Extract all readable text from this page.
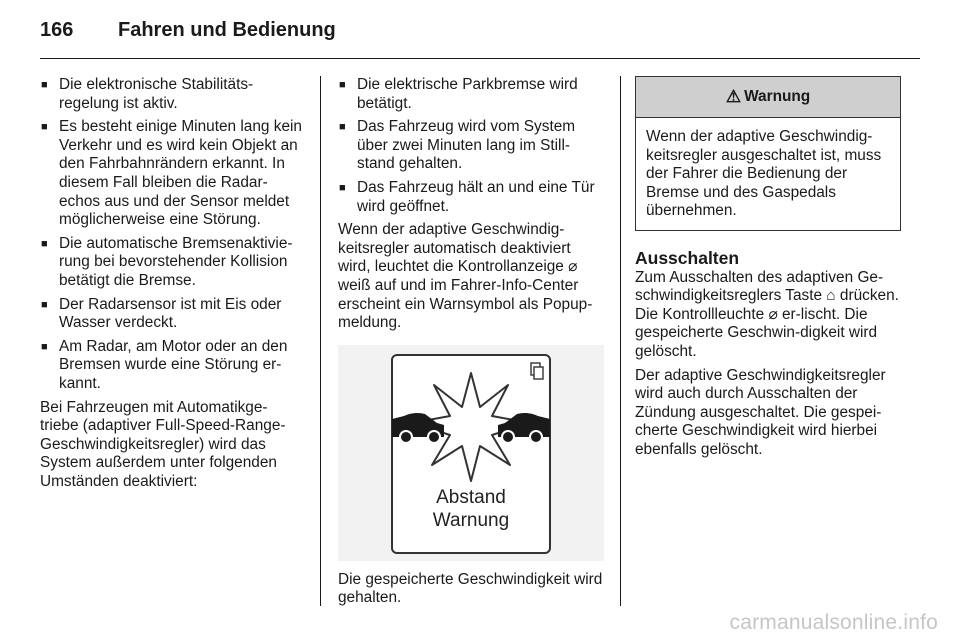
166 Fahren und Bedienung
■ Die elektronische Stabilitäts-regelung ist aktiv.
■ Es besteht einige Minuten lang kein Verkehr und es wird kein Objekt an den Fahrbahnrändern erkannt. In diesem Fall bleiben die Radar-echos aus und der Sensor meldet möglicherweise eine Störung.
■ Die automatische Bremsenaktivie-rung bei bevorstehender Kollision betätigt die Bremse.
■ Der Radarsensor ist mit Eis oder Wasser verdeckt.
■ Am Radar, am Motor oder an den Bremsen wurde eine Störung er-kannt.

Bei Fahrzeugen mit Automatikge-triebe (adaptiver Full-Speed-Range-Geschwindigkeitsregler) wird das System außerdem unter folgenden Umständen deaktiviert:

■ Die elektrische Parkbremse wird betätigt.
■ Das Fahrzeug wird vom System über zwei Minuten lang im Still-stand gehalten.
■ Das Fahrzeug hält an und eine Tür wird geöffnet.

Wenn der adaptive Geschwindig-keitsregler automatisch deaktiviert wird, leuchtet die Kontrollanzeige ⌀ weiß auf und im Fahrer-Info-Center erscheint ein Warnsymbol als Popup-meldung.

Abstand
Warnung

Die gespeicherte Geschwindigkeit wird gehalten.

⚠ Warnung
Wenn der adaptive Geschwindig-keitsregler ausgeschaltet ist, muss der Fahrer die Bedienung der Bremse und des Gaspedals übernehmen.
Ausschalten

Zum Ausschalten des adaptiven Ge-schwindigkeitsreglers Taste ⌂ drücken. Die Kontrollleuchte ⌀ er-lischt. Die gespeicherte Geschwin-digkeit wird gelöscht.

Der adaptive Geschwindigkeitsregler wird auch durch Ausschalten der Zündung ausgeschaltet. Die gespei-cherte Geschwindigkeit wird hierbei ebenfalls gelöscht.

carmanualsonline.info
